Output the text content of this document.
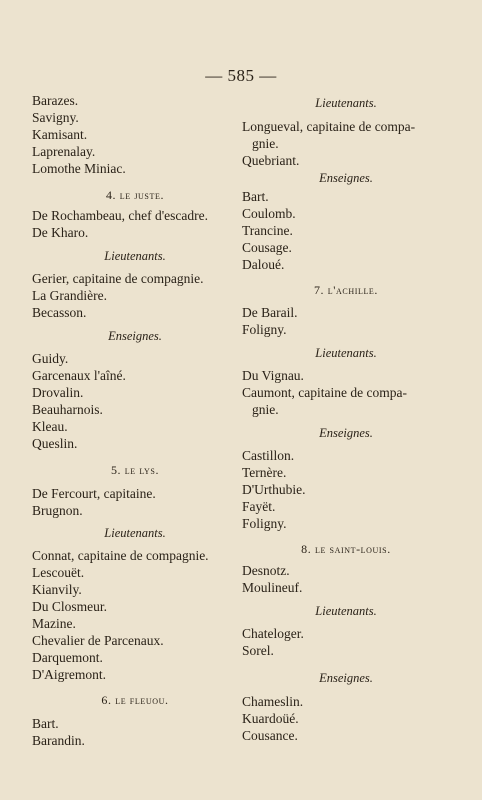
— 585 —
Barazes.
Savigny.
Kamisant.
Laprenalay.
Lomothe Miniac.
4. le juste.
De Rochambeau, chef d'escadre.
De Kharo.
Lieutenants.
Gerier, capitaine de compagnie.
La Grandière.
Becasson.
Enseignes.
Guidy.
Garcenaux l'aîné.
Drovalin.
Beauharnois.
Kleau.
Queslin.
5. le lys.
De Fercourt, capitaine.
Brugnon.
Lieutenants.
Connat, capitaine de compagnie.
Lescouët.
Kianvily.
Du Closmeur.
Mazine.
Chevalier de Parcenaux.
Darquemont.
D'Aigremont.
6. le fleuou.
Bart.
Barandin.
Lieutenants.
Longueval, capitaine de compa-
gnie.
Quebriant.
Enseignes.
Bart.
Coulomb.
Trancine.
Cousage.
Daloué.
7. l'achille.
De Barail.
Foligny.
Lieutenants.
Du Vignau.
Caumont, capitaine de compa-
gnie.
Enseignes.
Castillon.
Ternère.
D'Urthubie.
Fayët.
Foligny.
8. le saint-louis.
Desnotz.
Moulineuf.
Lieutenants.
Chateloger.
Sorel.
Enseignes.
Chameslin.
Kuardoüé.
Cousance.
